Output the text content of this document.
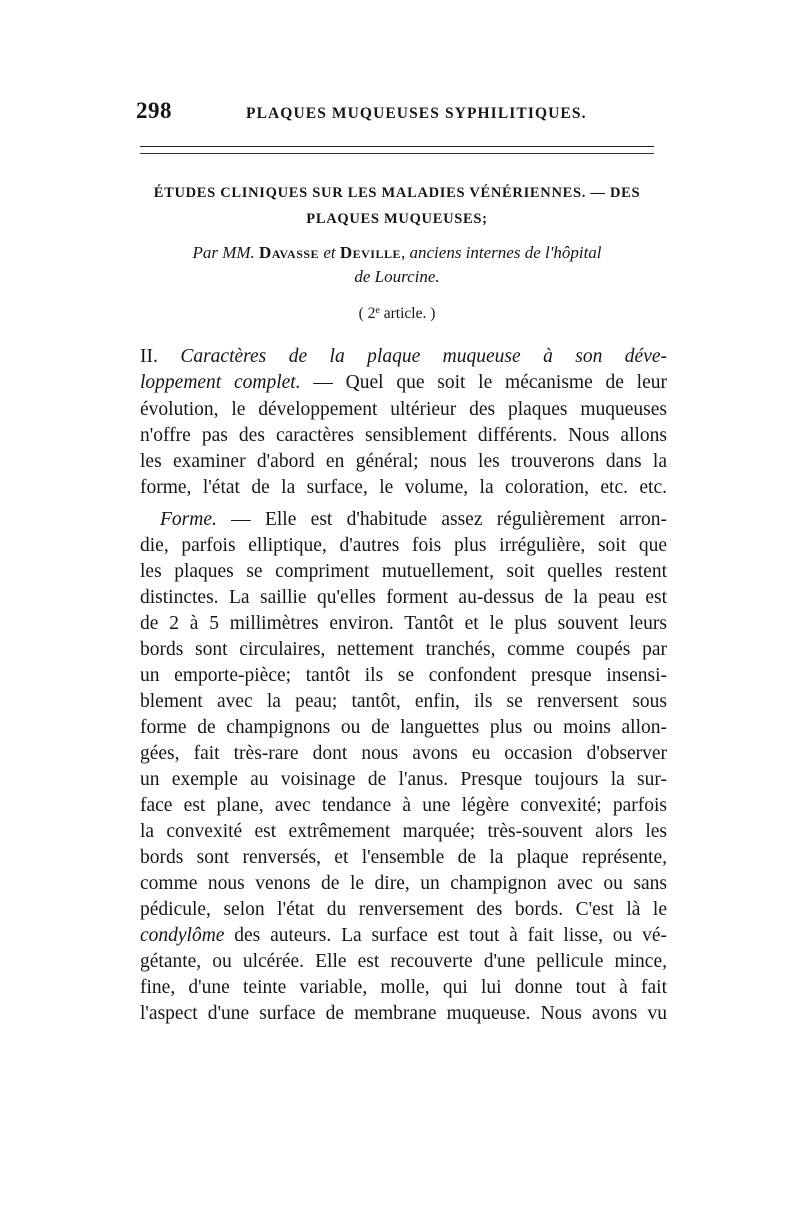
298	PLAQUES MUQUEUSES SYPHILITIQUES.
ÉTUDES CLINIQUES SUR LES MALADIES VÉNÉRIENNES. — DES
PLAQUES MUQUEUSES;
Par MM. Davasse et Deville, anciens internes de l'hôpital
de Lourcine.
( 2e article. )
II. Caractères de la plaque muqueuse à son déve-
loppement complet. — Quel que soit le mécanisme de leur
évolution, le développement ultérieur des plaques muqueuses
n'offre pas des caractères sensiblement différents. Nous allons
les examiner d'abord en général; nous les trouverons dans la
forme, l'état de la surface, le volume, la coloration, etc. etc.
Forme. — Elle est d'habitude assez régulièrement arron-
die, parfois elliptique, d'autres fois plus irrégulière, soit que
les plaques se compriment mutuellement, soit quelles restent
distinctes. La saillie qu'elles forment au-dessus de la peau est
de 2 à 5 millimètres environ. Tantôt et le plus souvent leurs
bords sont circulaires, nettement tranchés, comme coupés par
un emporte-pièce; tantôt ils se confondent presque insensi-
blement avec la peau; tantôt, enfin, ils se renversent sous
forme de champignons ou de languettes plus ou moins allon-
gées, fait très-rare dont nous avons eu occasion d'observer
un exemple au voisinage de l'anus. Presque toujours la sur-
face est plane, avec tendance à une légère convexité; parfois
la convexité est extrêmement marquée; très-souvent alors les
bords sont renversés, et l'ensemble de la plaque représente,
comme nous venons de le dire, un champignon avec ou sans
pédicule, selon l'état du renversement des bords. C'est là le
condylôme des auteurs. La surface est tout à fait lisse, ou vé-
gétante, ou ulcérée. Elle est recouverte d'une pellicule mince,
fine, d'une teinte variable, molle, qui lui donne tout à fait
l'aspect d'une surface de membrane muqueuse. Nous avons vu
